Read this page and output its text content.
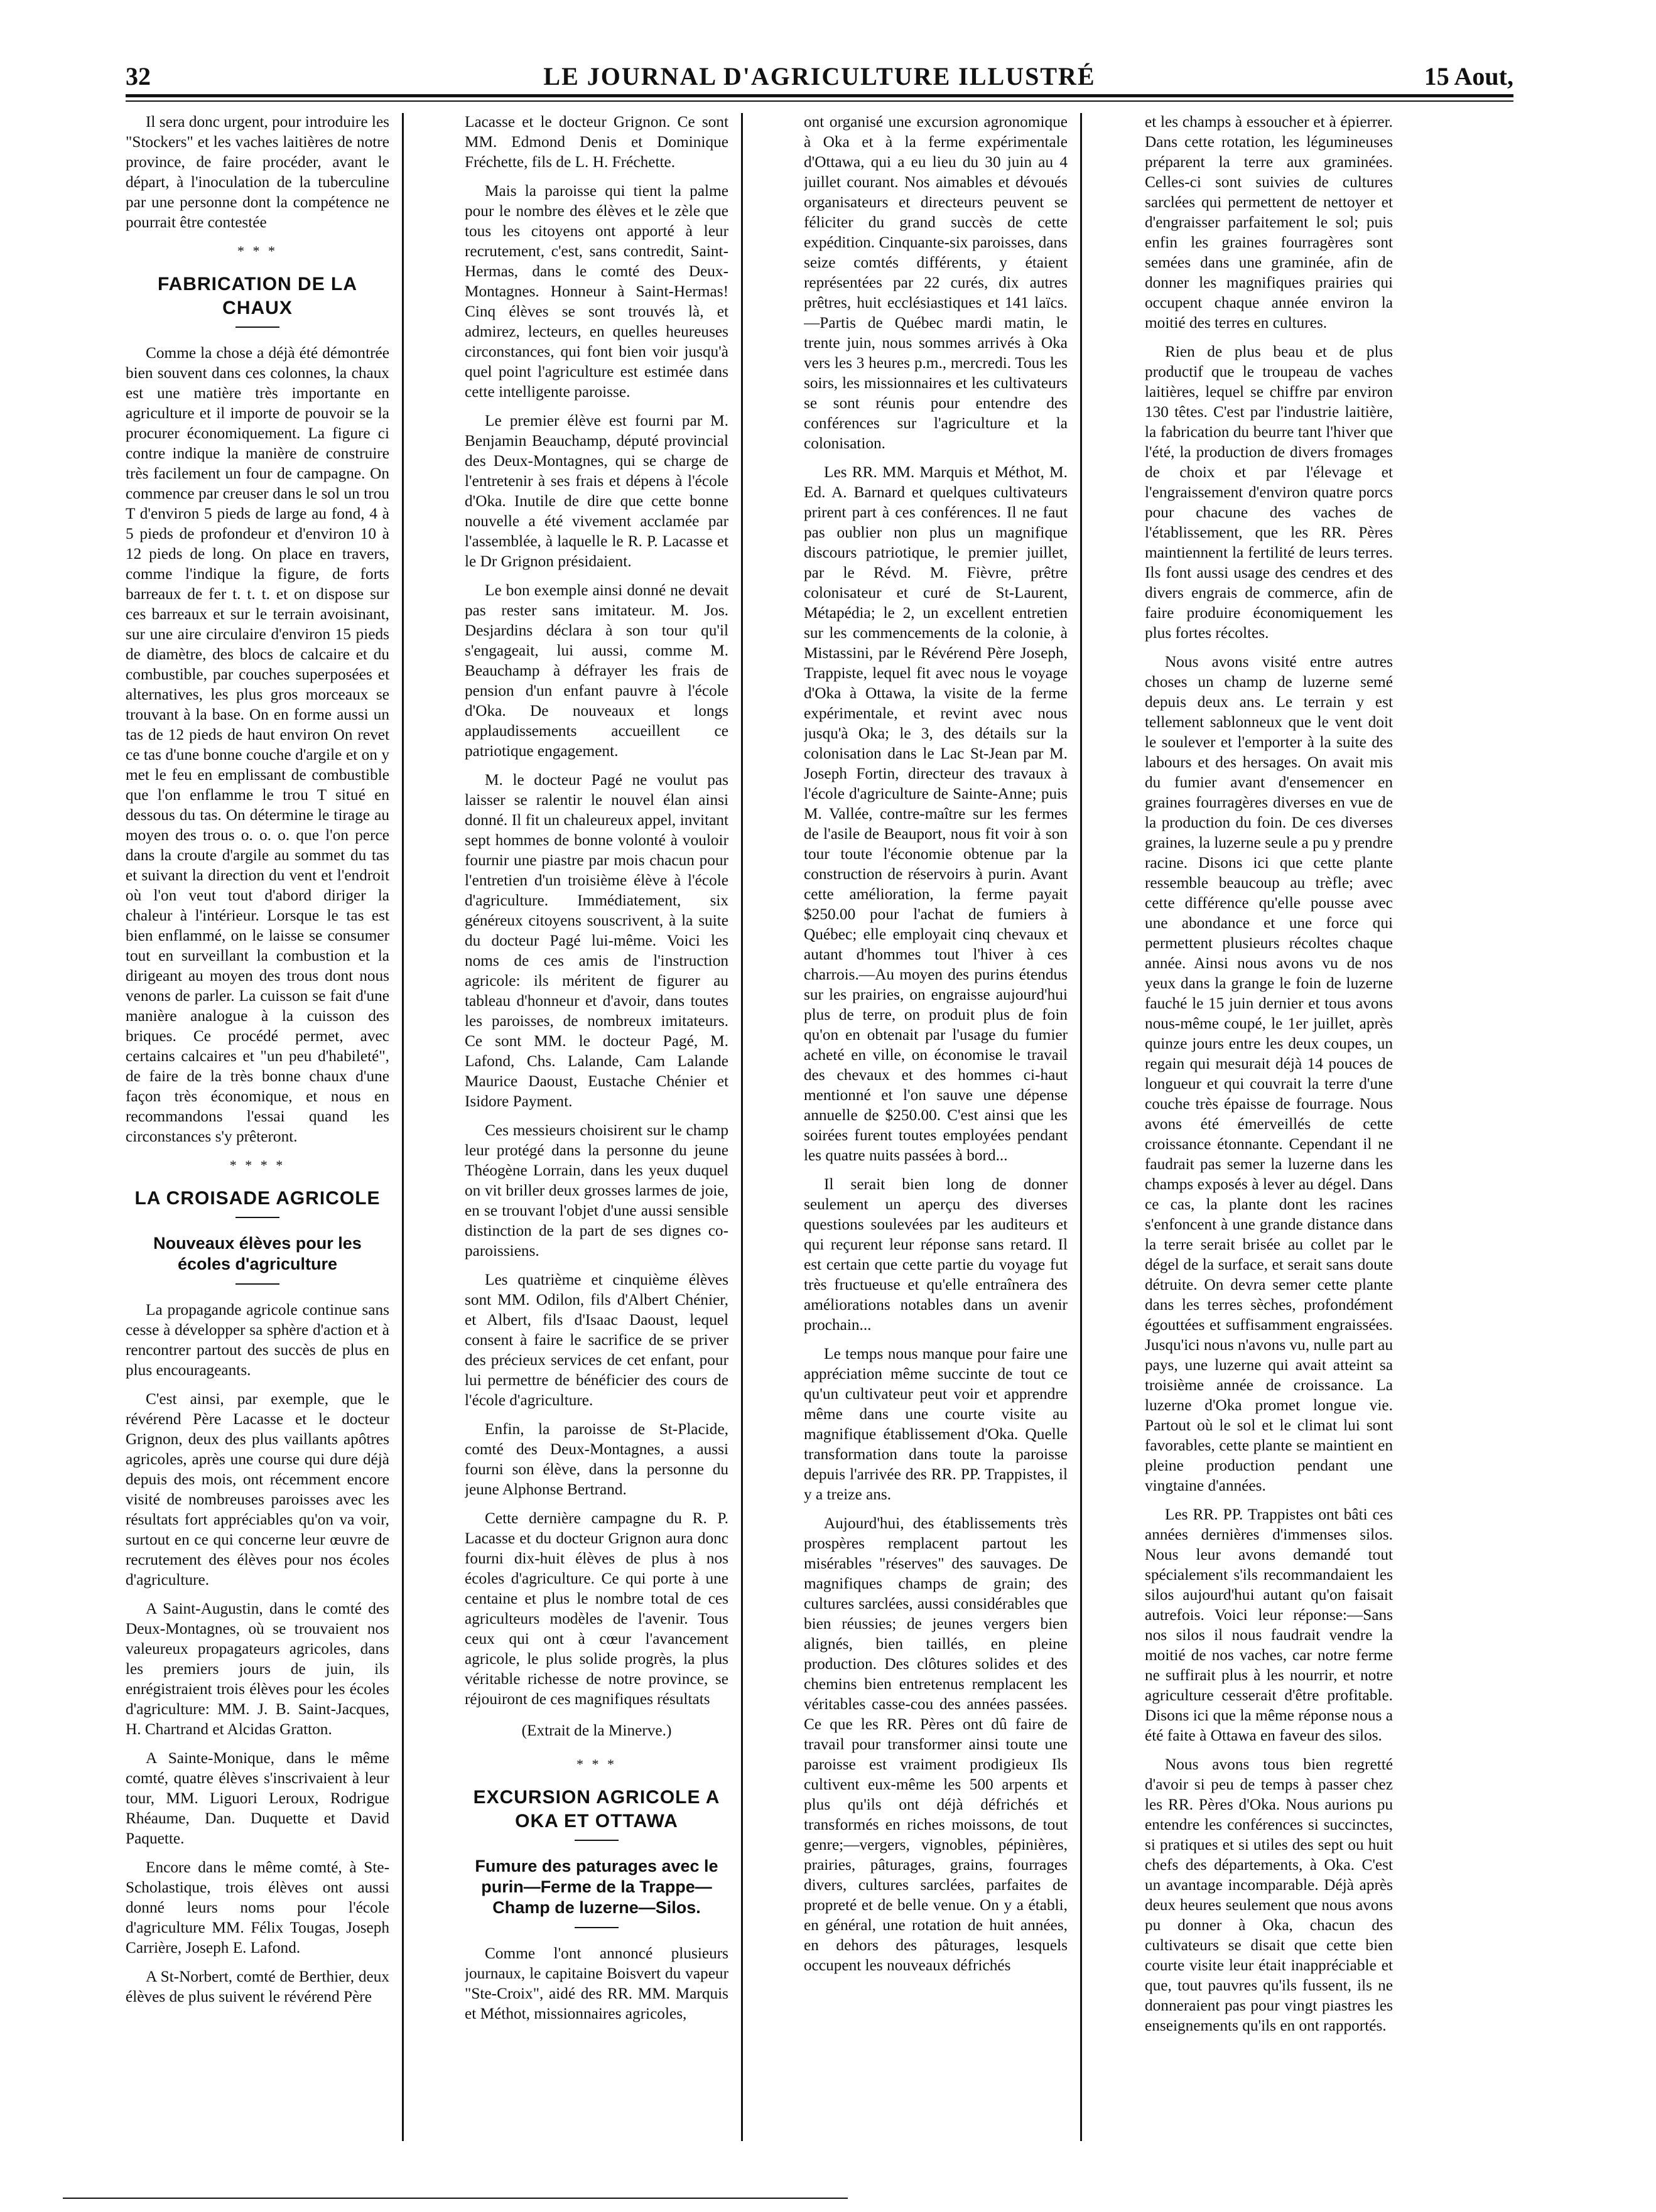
32	LE JOURNAL D'AGRICULTURE ILLUSTRÉ	15 Aout,

Il sera donc urgent, pour introduire les "Stockers" et les vaches laitières de notre province, de faire procéder, avant le départ, à l'inoculation de la tuberculine par une personne dont la compétence ne pourrait être contestée

* * *
FABRICATION DE LA CHAUX

Comme la chose a déjà été démontrée bien souvent dans ces colonnes, la chaux est une matière très importante en agriculture et il importe de pouvoir se la procurer économiquement. La figure ci contre indique la manière de construire très facilement un four de campagne. On commence par creuser dans le sol un trou T d'environ 5 pieds de large au fond, 4 à 5 pieds de profondeur et d'environ 10 à 12 pieds de long. On place en travers, comme l'indique la figure, de forts barreaux de fer t. t. t. et on dispose sur ces barreaux et sur le terrain avoisinant, sur une aire circulaire d'environ 15 pieds de diamètre, des blocs de calcaire et du combustible, par couches superposées et alternatives, les plus gros morceaux se trouvant à la base. On en forme aussi un tas de 12 pieds de haut environ On revet ce tas d'une bonne couche d'argile et on y met le feu en emplissant de combustible que l'on enflamme le trou T situé en dessous du tas. On détermine le tirage au moyen des trous o. o. o. que l'on perce dans la croute d'argile au sommet du tas et suivant la direction du vent et l'endroit où l'on veut tout d'abord diriger la chaleur à l'intérieur. Lorsque le tas est bien enflammé, on le laisse se consumer tout en surveillant la combustion et la dirigeant au moyen des trous dont nous venons de parler. La cuisson se fait d'une manière analogue à la cuisson des briques. Ce procédé permet, avec certains calcaires et "un peu d'habileté", de faire de la très bonne chaux d'une façon très économique, et nous en recommandons l'essai quand les circonstances s'y prêteront.

* * * *
LA CROISADE AGRICOLE
Nouveaux élèves pour les écoles d'agriculture

La propagande agricole continue sans cesse à développer sa sphère d'action et à rencontrer partout des succès de plus en plus encourageants.

C'est ainsi, par exemple, que le révérend Père Lacasse et le docteur Grignon, deux des plus vaillants apôtres agricoles, après une course qui dure déjà depuis des mois, ont récemment encore visité de nombreuses paroisses avec les résultats fort appréciables qu'on va voir, surtout en ce qui concerne leur œuvre de recrutement des élèves pour nos écoles d'agriculture.

A Saint-Augustin, dans le comté des Deux-Montagnes, où se trouvaient nos valeureux propagateurs agricoles, dans les premiers jours de juin, ils enrégistraient trois élèves pour les écoles d'agriculture: MM. J. B. Saint-Jacques, H. Chartrand et Alcidas Gratton.

A Sainte-Monique, dans le même comté, quatre élèves s'inscrivaient à leur tour, MM. Liguori Leroux, Rodrigue Rhéaume, Dan. Duquette et David Paquette.

Encore dans le même comté, à Ste-Scholastique, trois élèves ont aussi donné leurs noms pour l'école d'agriculture MM. Félix Tougas, Joseph Carrière, Joseph E. Lafond.

A St-Norbert, comté de Berthier, deux élèves de plus suivent le révérend Père

Lacasse et le docteur Grignon. Ce sont MM. Edmond Denis et Dominique Fréchette, fils de L. H. Fréchette.

Mais la paroisse qui tient la palme pour le nombre des élèves et le zèle que tous les citoyens ont apporté à leur recrutement, c'est, sans contredit, Saint-Hermas, dans le comté des Deux-Montagnes. Honneur à Saint-Hermas! Cinq élèves se sont trouvés là, et admirez, lecteurs, en quelles heureuses circonstances, qui font bien voir jusqu'à quel point l'agriculture est estimée dans cette intelligente paroisse.

Le premier élève est fourni par M. Benjamin Beauchamp, député provincial des Deux-Montagnes, qui se charge de l'entretenir à ses frais et dépens à l'école d'Oka. Inutile de dire que cette bonne nouvelle a été vivement acclamée par l'assemblée, à laquelle le R. P. Lacasse et le Dr Grignon présidaient.

Le bon exemple ainsi donné ne devait pas rester sans imitateur. M. Jos. Desjardins déclara à son tour qu'il s'engageait, lui aussi, comme M. Beauchamp à défrayer les frais de pension d'un enfant pauvre à l'école d'Oka. De nouveaux et longs applaudissements accueillent ce patriotique engagement.

M. le docteur Pagé ne voulut pas laisser se ralentir le nouvel élan ainsi donné. Il fit un chaleureux appel, invitant sept hommes de bonne volonté à vouloir fournir une piastre par mois chacun pour l'entretien d'un troisième élève à l'école d'agriculture. Immédiatement, six généreux citoyens souscrivent, à la suite du docteur Pagé lui-même. Voici les noms de ces amis de l'instruction agricole: ils méritent de figurer au tableau d'honneur et d'avoir, dans toutes les paroisses, de nombreux imitateurs. Ce sont MM. le docteur Pagé, M. Lafond, Chs. Lalande, Cam Lalande Maurice Daoust, Eustache Chénier et Isidore Payment.

Ces messieurs choisirent sur le champ leur protégé dans la personne du jeune Théogène Lorrain, dans les yeux duquel on vit briller deux grosses larmes de joie, en se trouvant l'objet d'une aussi sensible distinction de la part de ses dignes co-paroissiens.

Les quatrième et cinquième élèves sont MM. Odilon, fils d'Albert Chénier, et Albert, fils d'Isaac Daoust, lequel consent à faire le sacrifice de se priver des précieux services de cet enfant, pour lui permettre de bénéficier des cours de l'école d'agriculture.

Enfin, la paroisse de St-Placide, comté des Deux-Montagnes, a aussi fourni son élève, dans la personne du jeune Alphonse Bertrand.

Cette dernière campagne du R. P. Lacasse et du docteur Grignon aura donc fourni dix-huit élèves de plus à nos écoles d'agriculture. Ce qui porte à une centaine et plus le nombre total de ces agriculteurs modèles de l'avenir. Tous ceux qui ont à cœur l'avancement agricole, le plus solide progrès, la plus véritable richesse de notre province, se réjouiront de ces magnifiques résultats

(Extrait de la Minerve.)

* * *
EXCURSION AGRICOLE A OKA ET OTTAWA
Fumure des paturages avec le purin—Ferme de la Trappe—Champ de luzerne—Silos.

Comme l'ont annoncé plusieurs journaux, le capitaine Boisvert du vapeur "Ste-Croix", aidé des RR. MM. Marquis et Méthot, missionnaires agricoles,

ont organisé une excursion agronomique à Oka et à la ferme expérimentale d'Ottawa, qui a eu lieu du 30 juin au 4 juillet courant. Nos aimables et dévoués organisateurs et directeurs peuvent se féliciter du grand succès de cette expédition. Cinquante-six paroisses, dans seize comtés différents, y étaient représentées par 22 curés, dix autres prêtres, huit ecclésiastiques et 141 laïcs.—Partis de Québec mardi matin, le trente juin, nous sommes arrivés à Oka vers les 3 heures p.m., mercredi. Tous les soirs, les missionnaires et les cultivateurs se sont réunis pour entendre des conférences sur l'agriculture et la colonisation.

Les RR. MM. Marquis et Méthot, M. Ed. A. Barnard et quelques cultivateurs prirent part à ces conférences. Il ne faut pas oublier non plus un magnifique discours patriotique, le premier juillet, par le Révd. M. Fièvre, prêtre colonisateur et curé de St-Laurent, Métapédia; le 2, un excellent entretien sur les commencements de la colonie, à Mistassini, par le Révérend Père Joseph, Trappiste, lequel fit avec nous le voyage d'Oka à Ottawa, la visite de la ferme expérimentale, et revint avec nous jusqu'à Oka; le 3, des détails sur la colonisation dans le Lac St-Jean par M. Joseph Fortin, directeur des travaux à l'école d'agriculture de Sainte-Anne; puis M. Vallée, contre-maître sur les fermes de l'asile de Beauport, nous fit voir à son tour toute l'économie obtenue par la construction de réservoirs à purin. Avant cette amélioration, la ferme payait $250.00 pour l'achat de fumiers à Québec; elle employait cinq chevaux et autant d'hommes tout l'hiver à ces charrois.—Au moyen des purins étendus sur les prairies, on engraisse aujourd'hui plus de terre, on produit plus de foin qu'on en obtenait par l'usage du fumier acheté en ville, on économise le travail des chevaux et des hommes ci-haut mentionné et l'on sauve une dépense annuelle de $250.00. C'est ainsi que les soirées furent toutes employées pendant les quatre nuits passées à bord...

Il serait bien long de donner seulement un aperçu des diverses questions soulevées par les auditeurs et qui reçurent leur réponse sans retard. Il est certain que cette partie du voyage fut très fructueuse et qu'elle entraînera des améliorations notables dans un avenir prochain...

Le temps nous manque pour faire une appréciation même succinte de tout ce qu'un cultivateur peut voir et apprendre même dans une courte visite au magnifique établissement d'Oka. Quelle transformation dans toute la paroisse depuis l'arrivée des RR. PP. Trappistes, il y a treize ans.

Aujourd'hui, des établissements très prospères remplacent partout les misérables "réserves" des sauvages. De magnifiques champs de grain; des cultures sarclées, aussi considérables que bien réussies; de jeunes vergers bien alignés, bien taillés, en pleine production. Des clôtures solides et des chemins bien entretenus remplacent les véritables casse-cou des années passées. Ce que les RR. Pères ont dû faire de travail pour transformer ainsi toute une paroisse est vraiment prodigieux Ils cultivent eux-même les 500 arpents et plus qu'ils ont déjà défrichés et transformés en riches moissons, de tout genre;—vergers, vignobles, pépinières, prairies, pâturages, grains, fourrages divers, cultures sarclées, parfaites de propreté et de belle venue. On y a établi, en général, une rotation de huit années, en dehors des pâturages, lesquels occupent les nouveaux défrichés

et les champs à essoucher et à épierrer. Dans cette rotation, les légumineuses préparent la terre aux graminées. Celles-ci sont suivies de cultures sarclées qui permettent de nettoyer et d'engraisser parfaitement le sol; puis enfin les graines fourragères sont semées dans une graminée, afin de donner les magnifiques prairies qui occupent chaque année environ la moitié des terres en cultures.

Rien de plus beau et de plus productif que le troupeau de vaches laitières, lequel se chiffre par environ 130 têtes. C'est par l'industrie laitière, la fabrication du beurre tant l'hiver que l'été, la production de divers fromages de choix et par l'élevage et l'engraissement d'environ quatre porcs pour chacune des vaches de l'établissement, que les RR. Pères maintiennent la fertilité de leurs terres. Ils font aussi usage des cendres et des divers engrais de commerce, afin de faire produire économiquement les plus fortes récoltes.

Nous avons visité entre autres choses un champ de luzerne semé depuis deux ans. Le terrain y est tellement sablonneux que le vent doit le soulever et l'emporter à la suite des labours et des hersages. On avait mis du fumier avant d'ensemencer en graines fourragères diverses en vue de la production du foin. De ces diverses graines, la luzerne seule a pu y prendre racine. Disons ici que cette plante ressemble beaucoup au trèfle; avec cette différence qu'elle pousse avec une abondance et une force qui permettent plusieurs récoltes chaque année. Ainsi nous avons vu de nos yeux dans la grange le foin de luzerne fauché le 15 juin dernier et tous avons nous-même coupé, le 1er juillet, après quinze jours entre les deux coupes, un regain qui mesurait déjà 14 pouces de longueur et qui couvrait la terre d'une couche très épaisse de fourrage. Nous avons été émerveillés de cette croissance étonnante. Cependant il ne faudrait pas semer la luzerne dans les champs exposés à lever au dégel. Dans ce cas, la plante dont les racines s'enfoncent à une grande distance dans la terre serait brisée au collet par le dégel de la surface, et serait sans doute détruite. On devra semer cette plante dans les terres sèches, profondément égouttées et suffisamment engraissées. Jusqu'ici nous n'avons vu, nulle part au pays, une luzerne qui avait atteint sa troisième année de croissance. La luzerne d'Oka promet longue vie. Partout où le sol et le climat lui sont favorables, cette plante se maintient en pleine production pendant une vingtaine d'années.

Les RR. PP. Trappistes ont bâti ces années dernières d'immenses silos. Nous leur avons demandé tout spécialement s'ils recommandaient les silos aujourd'hui autant qu'on faisait autrefois. Voici leur réponse:—Sans nos silos il nous faudrait vendre la moitié de nos vaches, car notre ferme ne suffirait plus à les nourrir, et notre agriculture cesserait d'être profitable. Disons ici que la même réponse nous a été faite à Ottawa en faveur des silos.

Nous avons tous bien regretté d'avoir si peu de temps à passer chez les RR. Pères d'Oka. Nous aurions pu entendre les conférences si succinctes, si pratiques et si utiles des sept ou huit chefs des départements, à Oka. C'est un avantage incomparable. Déjà après deux heures seulement que nous avons pu donner à Oka, chacun des cultivateurs se disait que cette bien courte visite leur était inappréciable et que, tout pauvres qu'ils fussent, ils ne donneraient pas pour vingt piastres les enseignements qu'ils en ont rapportés.
